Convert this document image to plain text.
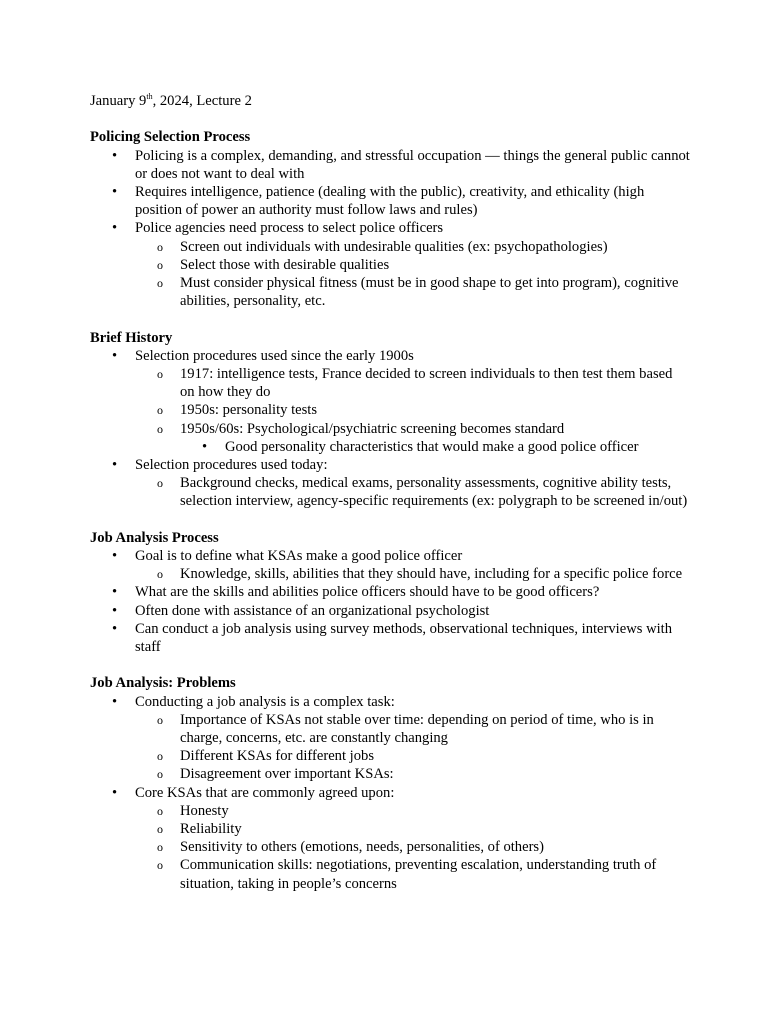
January 9th, 2024, Lecture 2

Policing Selection Process

•	Policing is a complex, demanding, and stressful occupation — things the general public cannot or does not want to deal with
•	Requires intelligence, patience (dealing with the public), creativity, and ethicality (high position of power an authority must follow laws and rules)
•	Police agencies need process to select police officers
o	Screen out individuals with undesirable qualities (ex: psychopathologies)
o	Select those with desirable qualities
o	Must consider physical fitness (must be in good shape to get into program), cognitive abilities, personality, etc.

Brief History

•	Selection procedures used since the early 1900s
o	1917: intelligence tests, France decided to screen individuals to then test them based on how they do
o	1950s: personality tests
o	1950s/60s: Psychological/psychiatric screening becomes standard
•	Good personality characteristics that would make a good police officer
•	Selection procedures used today:
o	Background checks, medical exams, personality assessments, cognitive ability tests, selection interview, agency-specific requirements (ex: polygraph to be screened in/out)

Job Analysis Process

•	Goal is to define what KSAs make a good police officer
o	Knowledge, skills, abilities that they should have, including for a specific police force
•	What are the skills and abilities police officers should have to be good officers?
•	Often done with assistance of an organizational psychologist
•	Can conduct a job analysis using survey methods, observational techniques, interviews with staff

Job Analysis: Problems

•	Conducting a job analysis is a complex task:
o	Importance of KSAs not stable over time: depending on period of time, who is in charge, concerns, etc. are constantly changing
o	Different KSAs for different jobs
o	Disagreement over important KSAs:
•	Core KSAs that are commonly agreed upon:
o	Honesty
o	Reliability
o	Sensitivity to others (emotions, needs, personalities, of others)
o	Communication skills: negotiations, preventing escalation, understanding truth of situation, taking in people’s concerns
